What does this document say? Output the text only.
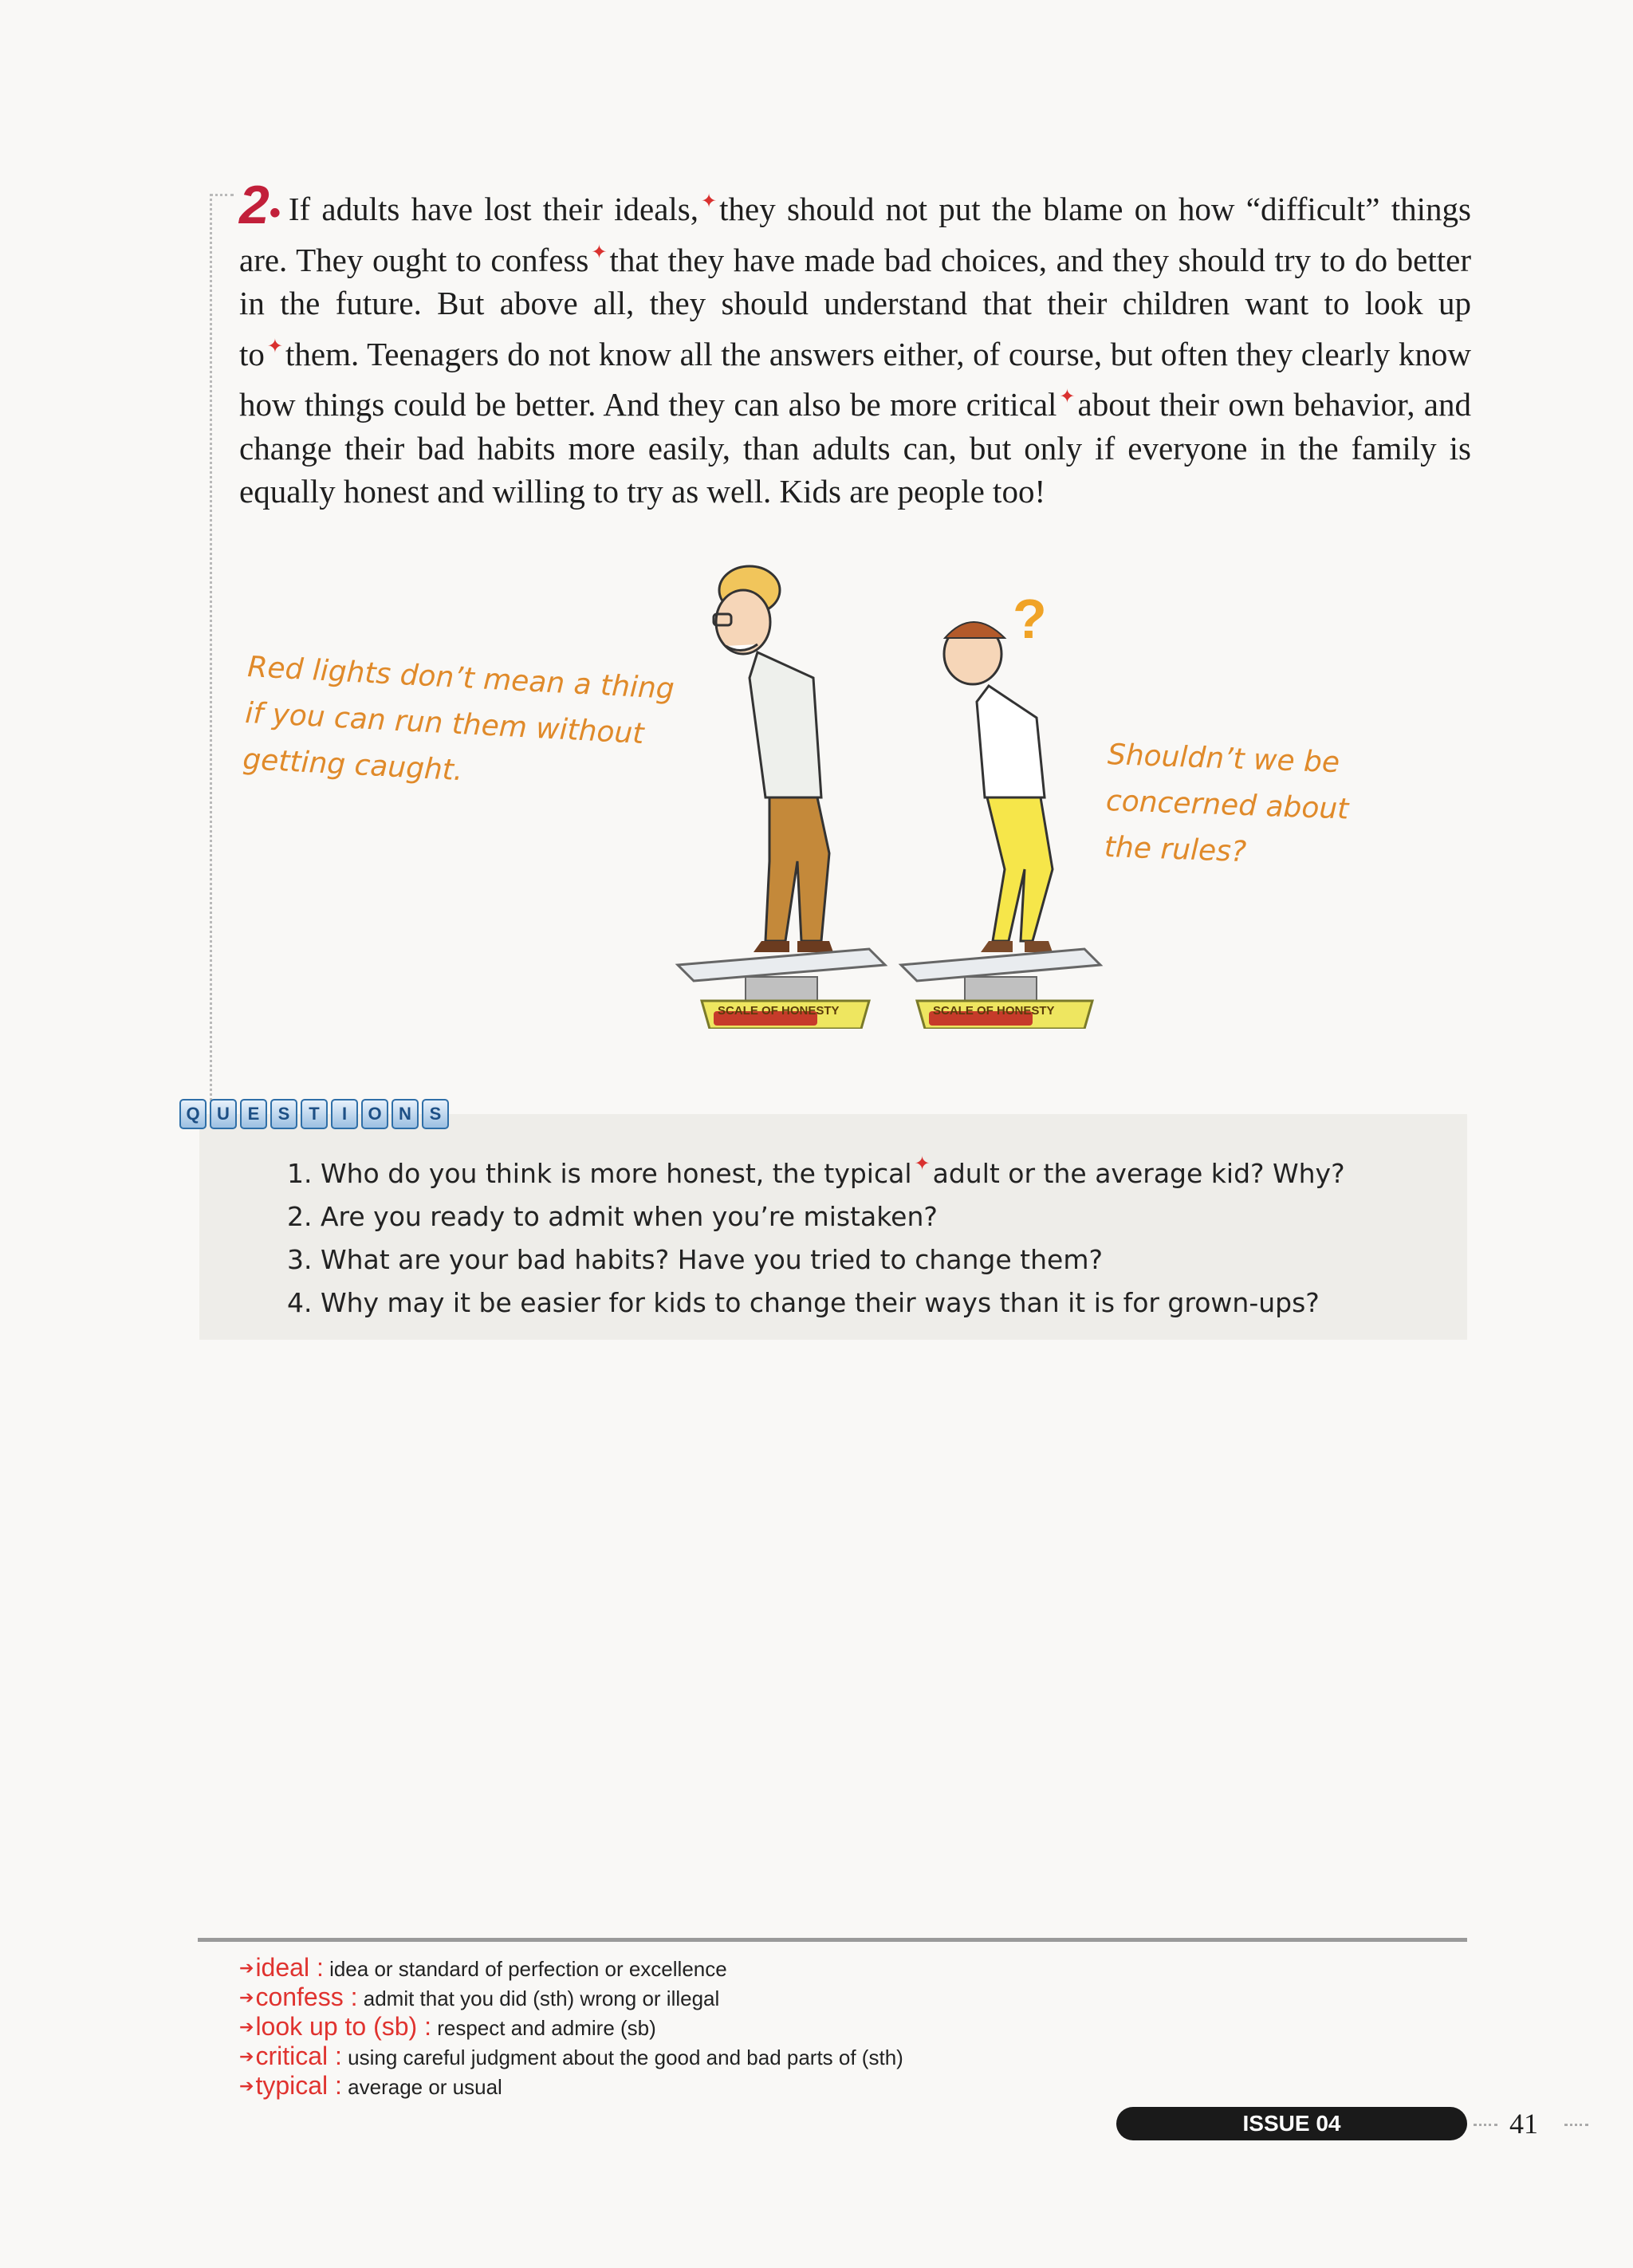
2• If adults have lost their ideals, ✦they should not put the blame on how “difficult” things are. They ought to confess ✦that they have made bad choices, and they should try to do better in the future. But above all, they should understand that their children want to look up to ✦them. Teenagers do not know all the answers either, of course, but often they clearly know how things could be better. And they can also be more critical ✦about their own behavior, and change their bad habits more easily, than adults can, but only if everyone in the family is equally honest and willing to try as well. Kids are people too!
SCALE OF HONESTY
?
SCALE OF HONESTY
Red lights don’t mean a thing if you can run them without getting caught.	Shouldn’t we be concerned about the rules?
Q U	E	S	T	I	O N	S
1. Who do you think is more honest, the typical ✦adult or the average kid? Why?
2. Are you ready to admit when you’re mistaken?
3. What are your bad habits? Have you tried to change them?
4. Why may it be easier for kids to change their ways than it is for grown-ups?
➔ideal : idea or standard of perfection or excellence
➔confess : admit that you did (sth) wrong or illegal
➔look up to (sb) : respect and admire (sb)
➔critical : using careful judgment about the good and bad parts of (sth)
➔typical : average or usual
ISSUE 04	41
